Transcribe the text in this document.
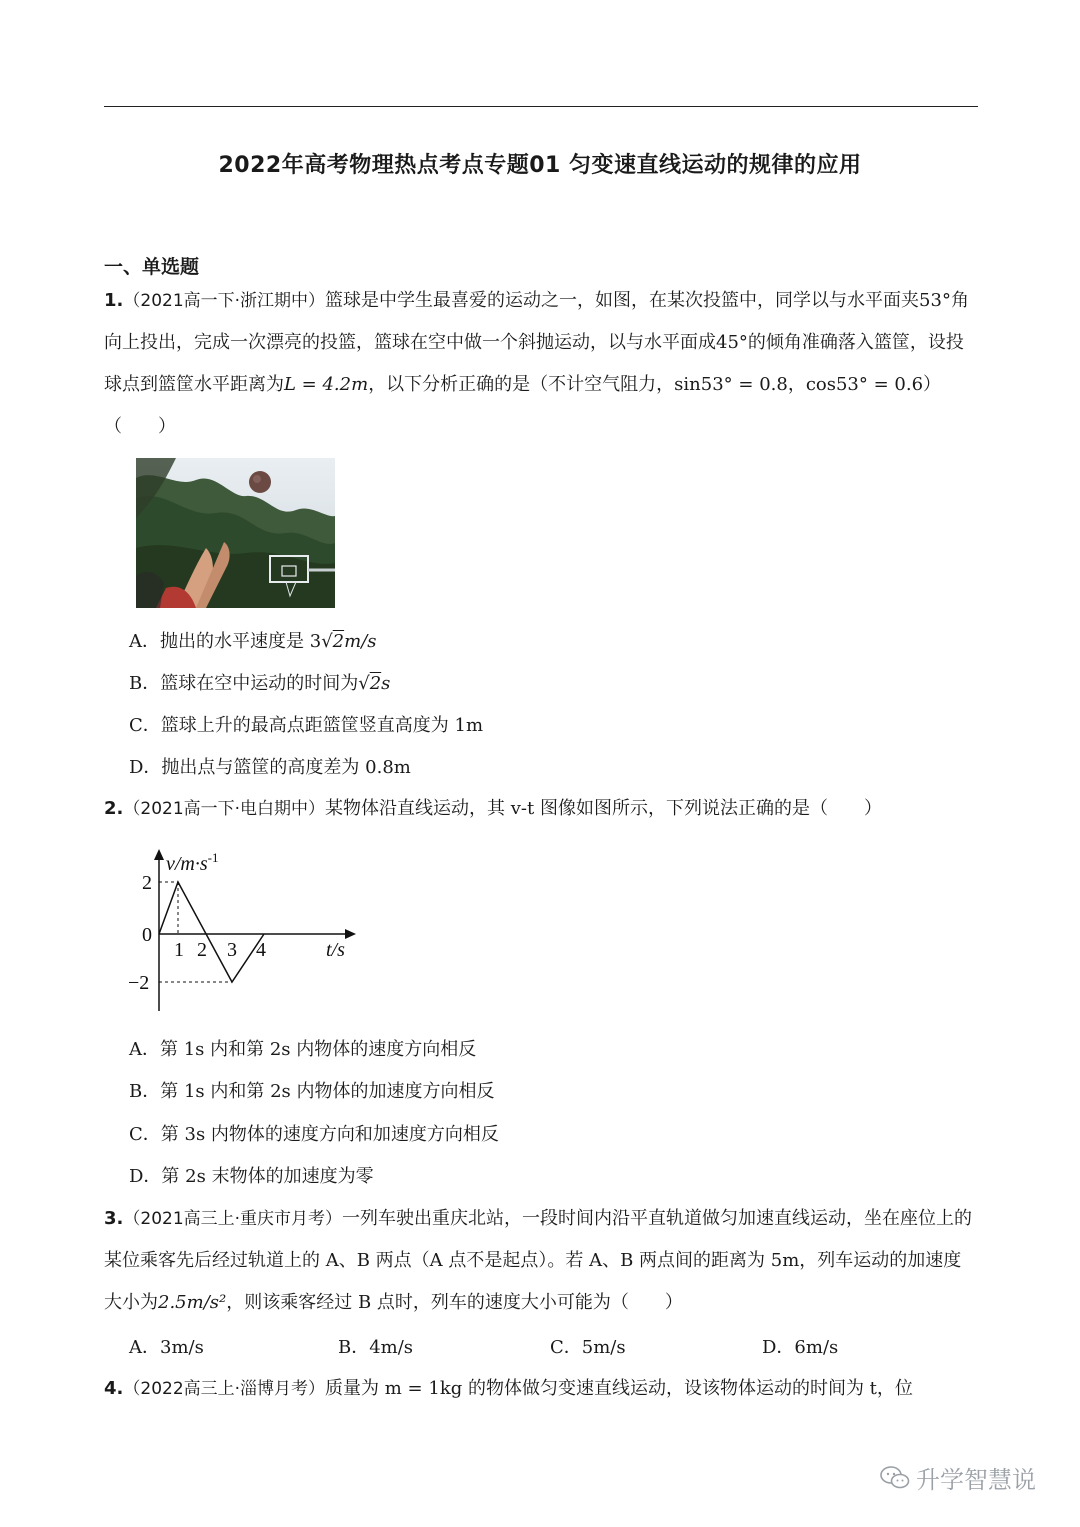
2022年高考物理热点考点专题01 匀变速直线运动的规律的应用
一、单选题
1.（2021高一下·浙江期中）篮球是中学生最喜爱的运动之一，如图，在某次投篮中，同学以与水平面夹53°角向上投出，完成一次漂亮的投篮，篮球在空中做一个斜抛运动，以与水平面成45°的倾角准确落入篮筐，设投球点到篮筐水平距离为L = 4.2m，以下分析正确的是（不计空气阻力，sin53° = 0.8，cos53° = 0.6）（　　）
A．抛出的水平速度是 3√2m/s
B．篮球在空中运动的时间为√2s
C．篮球上升的最高点距篮筐竖直高度为 1m
D．抛出点与篮筐的高度差为 0.8m
2.（2021高一下·电白期中）某物体沿直线运动，其 v-t 图像如图所示，下列说法正确的是（　　）
$v/m\cdot s^{-1}$
2
0
−2
1 2 3 4	t/s
A．第 1s 内和第 2s 内物体的速度方向相反
B．第 1s 内和第 2s 内物体的加速度方向相反
C．第 3s 内物体的速度方向和加速度方向相反
D．第 2s 末物体的加速度为零
3.（2021高三上·重庆市月考）一列车驶出重庆北站，一段时间内沿平直轨道做匀加速直线运动，坐在座位上的某位乘客先后经过轨道上的 A、B 两点（A 点不是起点）。若 A、B 两点间的距离为 5m，列车运动的加速度大小为2.5m/s²，则该乘客经过 B 点时，列车的速度大小可能为（　　）
A．3m/s	B．4m/s	C．5m/s	D．6m/s
4.（2022高三上·淄博月考）质量为 m = 1kg 的物体做匀变速直线运动，设该物体运动的时间为 t，位
升学智慧说
